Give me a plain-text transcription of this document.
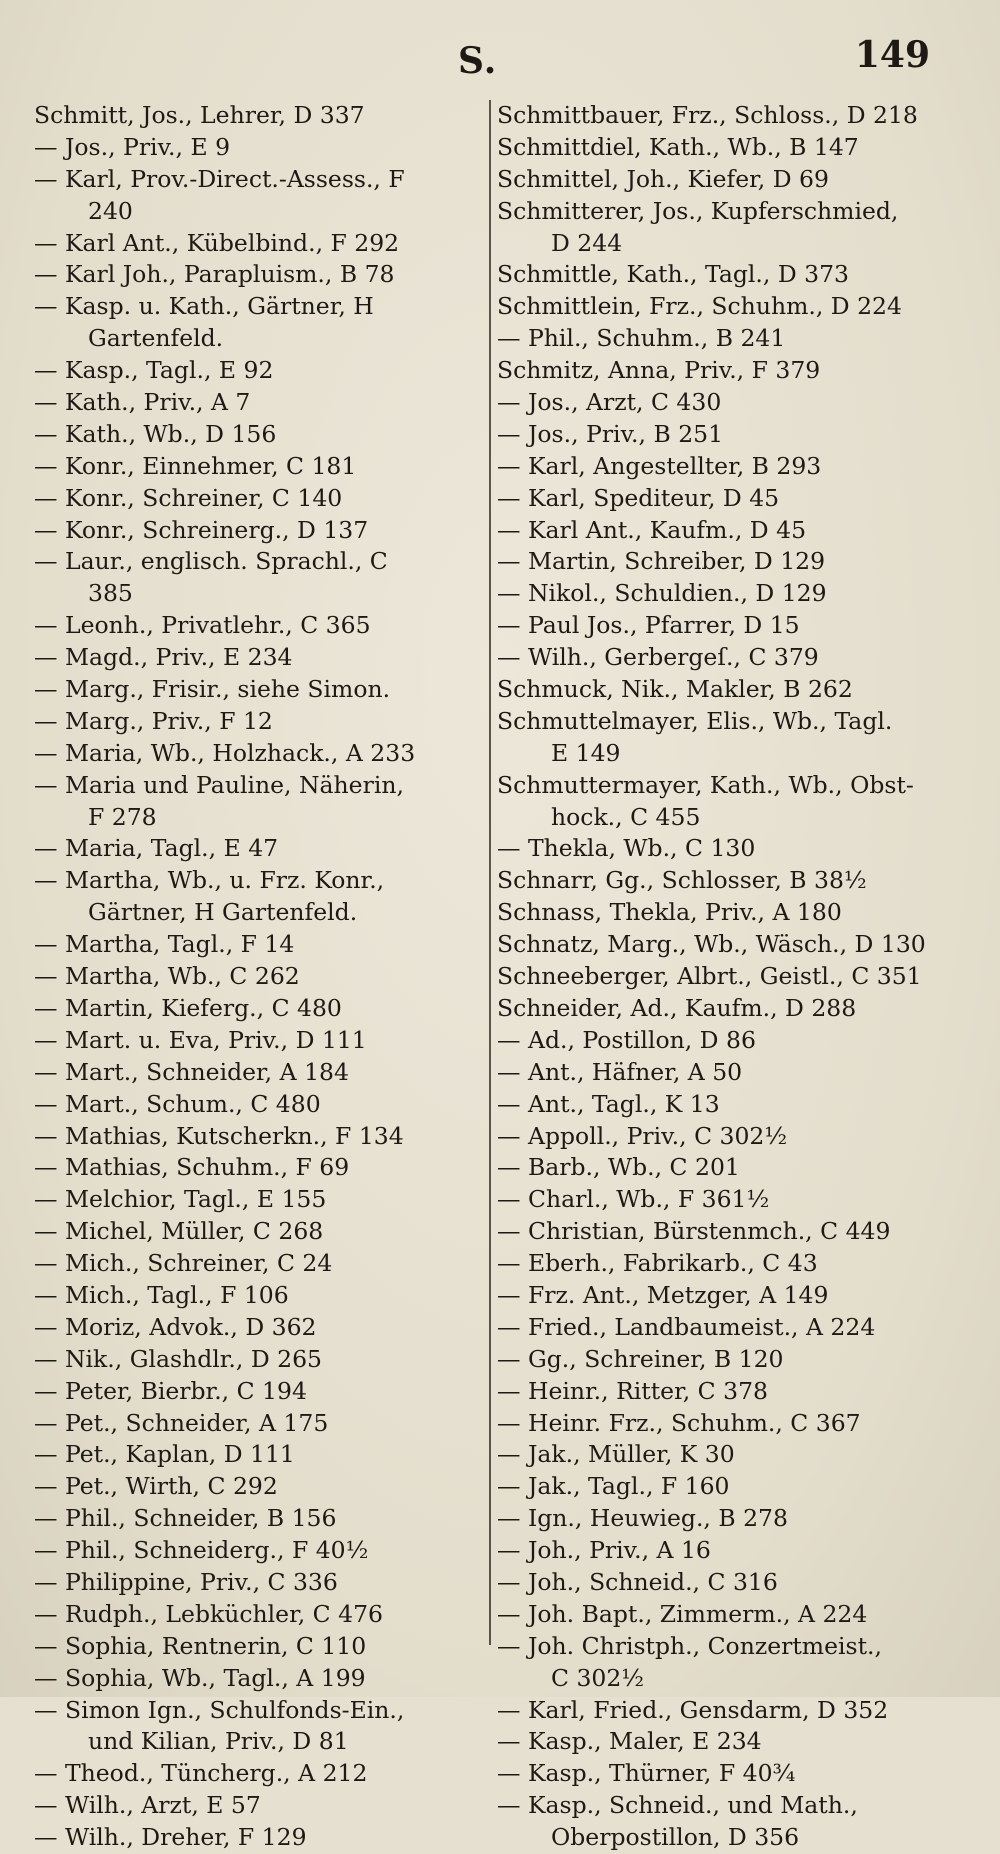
S.	149
Schmitt, Jos., Lehrer, D 337
— Jos., Priv., E 9
— Karl, Prov.-Direct.-Assess., F
240
— Karl Ant., Kübelbind., F 292
— Karl Joh., Parapluism., B 78
— Kasp. u. Kath., Gärtner, H
Gartenfeld.
— Kasp., Tagl., E 92
— Kath., Priv., A 7
— Kath., Wb., D 156
— Konr., Einnehmer, C 181
— Konr., Schreiner, C 140
— Konr., Schreinerg., D 137
— Laur., englisch. Sprachl., C
385
— Leonh., Privatlehr., C 365
— Magd., Priv., E 234
— Marg., Frisir., siehe Simon.
— Marg., Priv., F 12
— Maria, Wb., Holzhack., A 233
— Maria und Pauline, Näherin,
F 278
— Maria, Tagl., E 47
— Martha, Wb., u. Frz. Konr.,
Gärtner, H Gartenfeld.
— Martha, Tagl., F 14
— Martha, Wb., C 262
— Martin, Kieferg., C 480
— Mart. u. Eva, Priv., D 111
— Mart., Schneider, A 184
— Mart., Schum., C 480
— Mathias, Kutscherkn., F 134
— Mathias, Schuhm., F 69
— Melchior, Tagl., E 155
— Michel, Müller, C 268
— Mich., Schreiner, C 24
— Mich., Tagl., F 106
— Moriz, Advok., D 362
— Nik., Glashdlr., D 265
— Peter, Bierbr., C 194
— Pet., Schneider, A 175
— Pet., Kaplan, D 111
— Pet., Wirth, C 292
— Phil., Schneider, B 156
— Phil., Schneiderg., F 40½
— Philippine, Priv., C 336
— Rudph., Lebküchler, C 476
— Sophia, Rentnerin, C 110
— Sophia, Wb., Tagl., A 199
— Simon Ign., Schulfonds-Ein.,
und Kilian, Priv., D 81
— Theod., Tüncherg., A 212
— Wilh., Arzt, E 57
— Wilh., Dreher, F 129
Schmittbauer, Frz., Schloss., D 218
Schmittdiel, Kath., Wb., B 147
Schmittel, Joh., Kiefer, D 69
Schmitterer, Jos., Kupferschmied,
D 244
Schmittle, Kath., Tagl., D 373
Schmittlein, Frz., Schuhm., D 224
— Phil., Schuhm., B 241
Schmitz, Anna, Priv., F 379
— Jos., Arzt, C 430
— Jos., Priv., B 251
— Karl, Angestellter, B 293
— Karl, Spediteur, D 45
— Karl Ant., Kaufm., D 45
— Martin, Schreiber, D 129
— Nikol., Schuldien., D 129
— Paul Jos., Pfarrer, D 15
— Wilh., Gerbergeſ., C 379
Schmuck, Nik., Makler, B 262
Schmuttelmayer, Elis., Wb., Tagl.
E 149
Schmuttermayer, Kath., Wb., Obst-
hock., C 455
— Thekla, Wb., C 130
Schnarr, Gg., Schlosser, B 38½
Schnass, Thekla, Priv., A 180
Schnatz, Marg., Wb., Wäsch., D 130
Schneeberger, Albrt., Geistl., C 351
Schneider, Ad., Kaufm., D 288
— Ad., Postillon, D 86
— Ant., Häfner, A 50
— Ant., Tagl., K 13
— Appoll., Priv., C 302½
— Barb., Wb., C 201
— Charl., Wb., F 361½
— Christian, Bürstenmch., C 449
— Eberh., Fabrikarb., C 43
— Frz. Ant., Metzger, A 149
— Fried., Landbaumeist., A 224
— Gg., Schreiner, B 120
— Heinr., Ritter, C 378
— Heinr. Frz., Schuhm., C 367
— Jak., Müller, K 30
— Jak., Tagl., F 160
— Ign., Heuwieg., B 278
— Joh., Priv., A 16
— Joh., Schneid., C 316
— Joh. Bapt., Zimmerm., A 224
— Joh. Christph., Conzertmeist.,
C 302½
— Karl, Fried., Gensdarm, D 352
— Kasp., Maler, E 234
— Kasp., Thürner, F 40¾
— Kasp., Schneid., und Math.,
Oberpostillon, D 356
